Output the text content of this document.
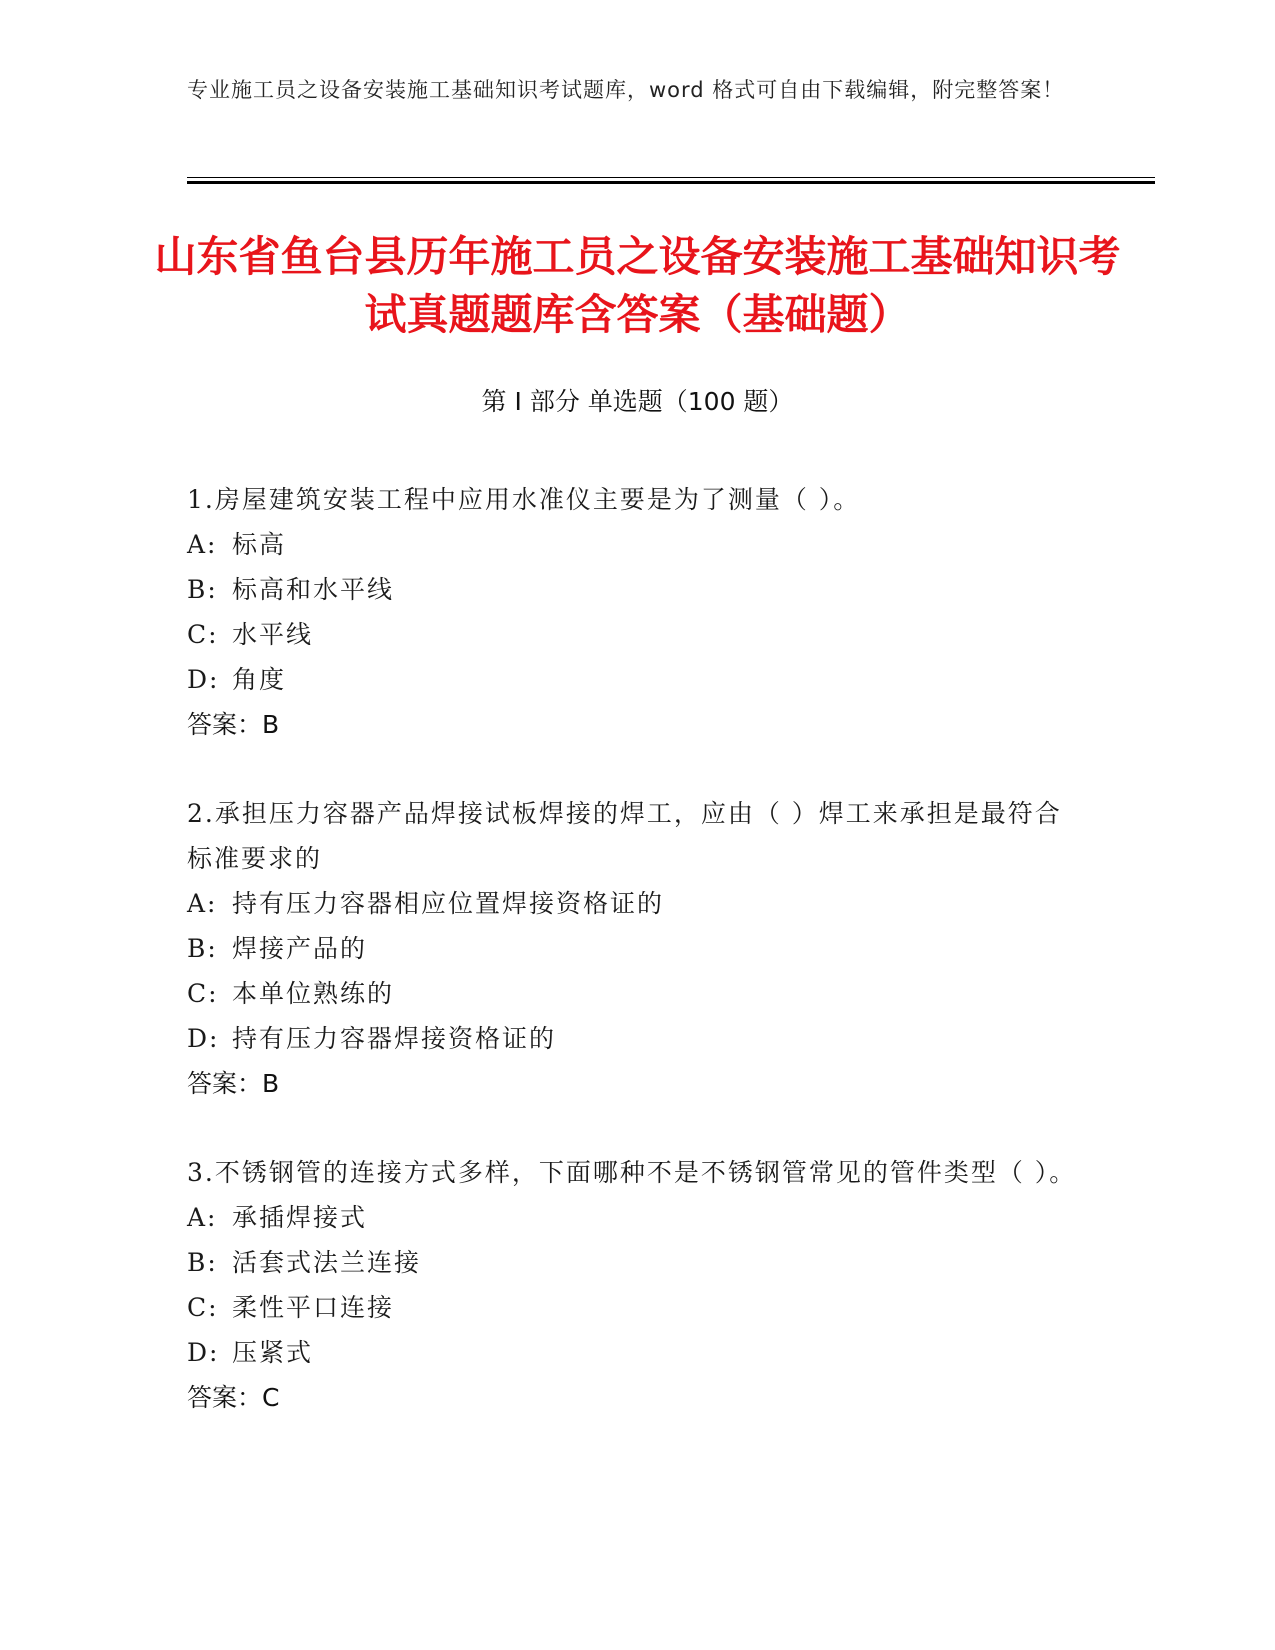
专业施工员之设备安装施工基础知识考试题库，word 格式可自由下载编辑，附完整答案！
山东省鱼台县历年施工员之设备安装施工基础知识考试真题题库含答案（基础题）
第 I 部分 单选题（100 题）
1.房屋建筑安装工程中应用水准仪主要是为了测量（ ）。
A: 标高
B: 标高和水平线
C: 水平线
D: 角度
答案：B
2.承担压力容器产品焊接试板焊接的焊工，应由（ ）焊工来承担是最符合标准要求的
A: 持有压力容器相应位置焊接资格证的
B: 焊接产品的
C: 本单位熟练的
D: 持有压力容器焊接资格证的
答案：B
3.不锈钢管的连接方式多样，下面哪种不是不锈钢管常见的管件类型（ ）。
A: 承插焊接式
B: 活套式法兰连接
C: 柔性平口连接
D: 压紧式
答案：C
